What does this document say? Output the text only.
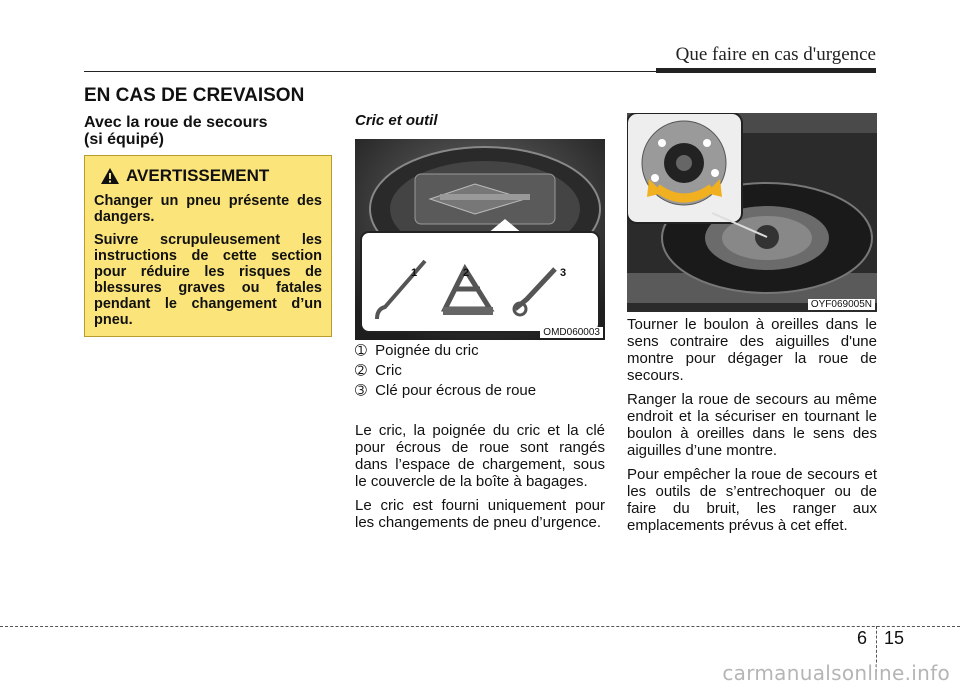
Que faire en cas d'urgence
EN CAS DE CREVAISON
Avec la roue de secours
(si équipé)
AVERTISSEMENT

Changer un pneu présente des dangers.

Suivre scrupuleusement les instructions de cette section pour réduire les risques de blessures graves ou fatales pendant le changement d’un pneu.

Cric et outil
1	2	3
OMD060003
➀ Poignée du cric
➁ Cric
➂ Clé pour écrous de roue

Le cric, la poignée du cric et la clé pour écrous de roue sont rangés dans l’espace de chargement, sous le couvercle de la boîte à bagages.

Le cric est fourni uniquement pour les changements de pneu d’urgence.

OYF069005N

Tourner le boulon à oreilles dans le sens contraire des aiguilles d'une montre pour dégager la roue de secours.

Ranger la roue de secours au même endroit et la sécuriser en tournant le boulon à oreilles dans le sens des aiguilles d’une montre.

Pour empêcher la roue de secours et les outils de s’entrechoquer ou de faire du bruit, les ranger aux emplacements prévus à cet effet.

6 15
carmanualsonline.info
